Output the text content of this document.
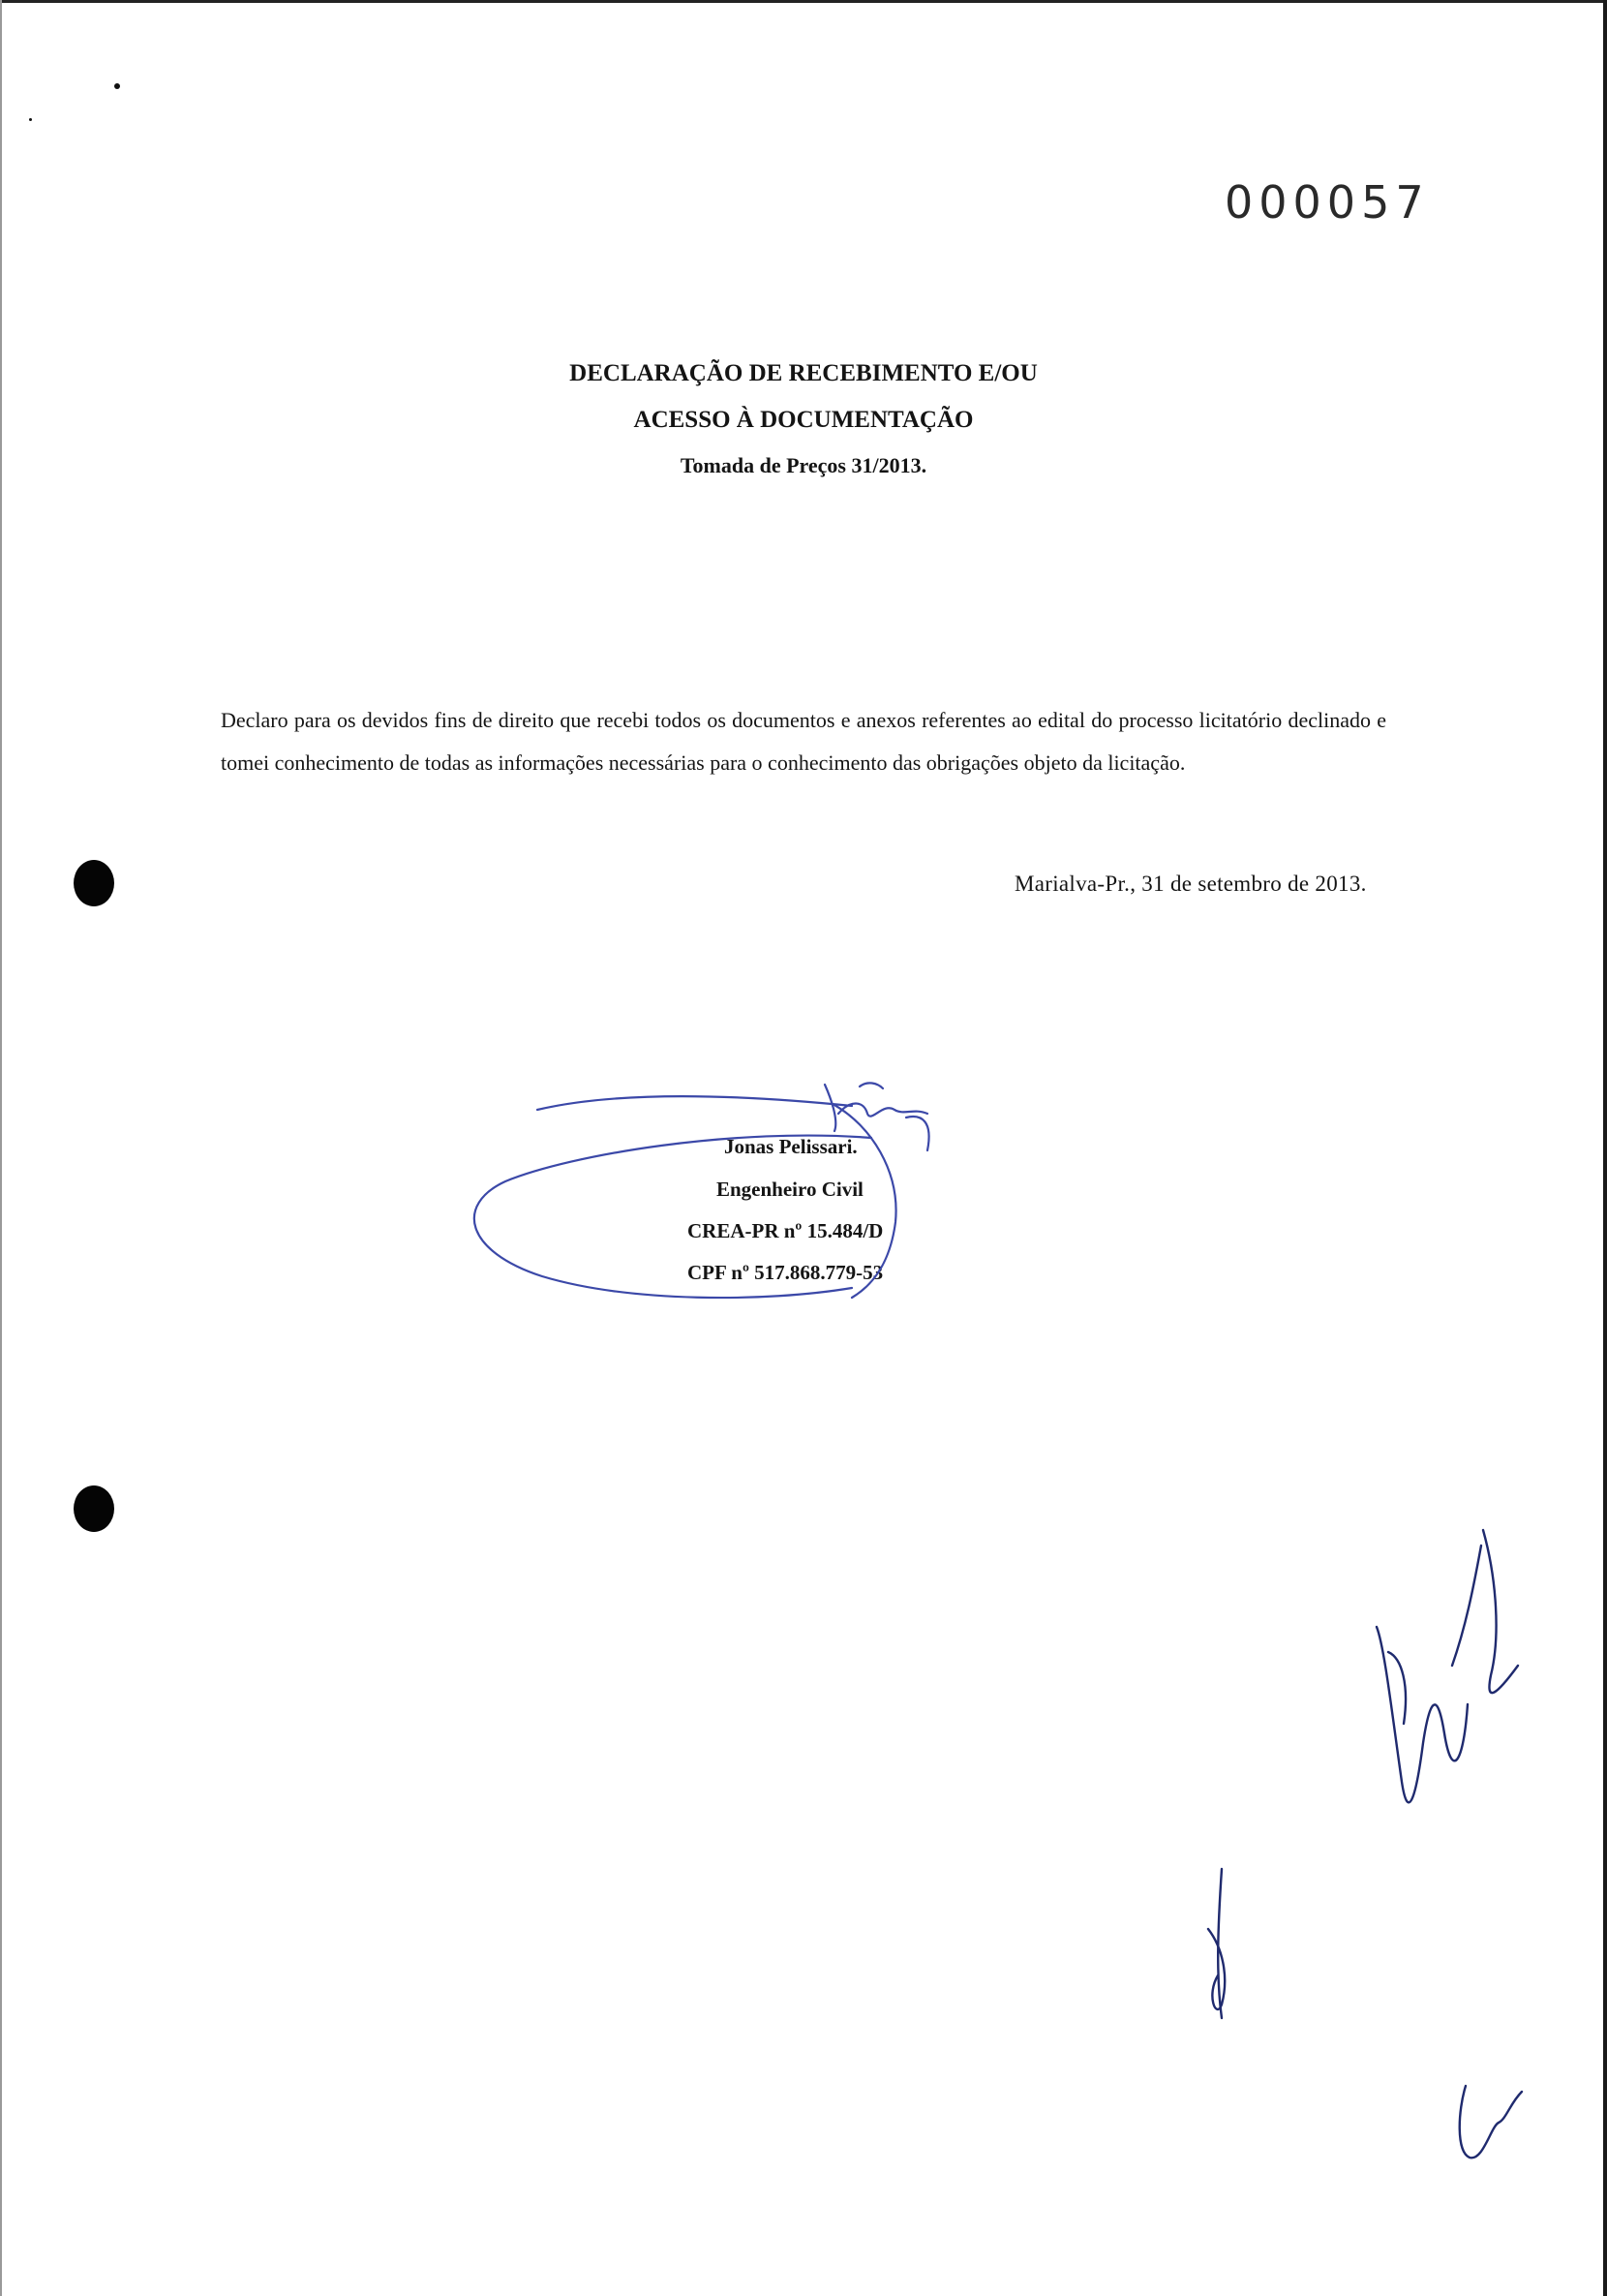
000057
DECLARAÇÃO DE RECEBIMENTO E/OU
ACESSO À DOCUMENTAÇÃO
Tomada de Preços 31/2013.
Declaro para os devidos fins de direito que recebi todos os documentos e anexos referentes ao edital do processo licitatório declinado e tomei conhecimento de todas as informações necessárias para o conhecimento das obrigações objeto da licitação.
Marialva-Pr., 31 de setembro de 2013.
Jonas Pelissari.
Engenheiro Civil
CREA-PR nº 15.484/D
CPF nº 517.868.779-53
